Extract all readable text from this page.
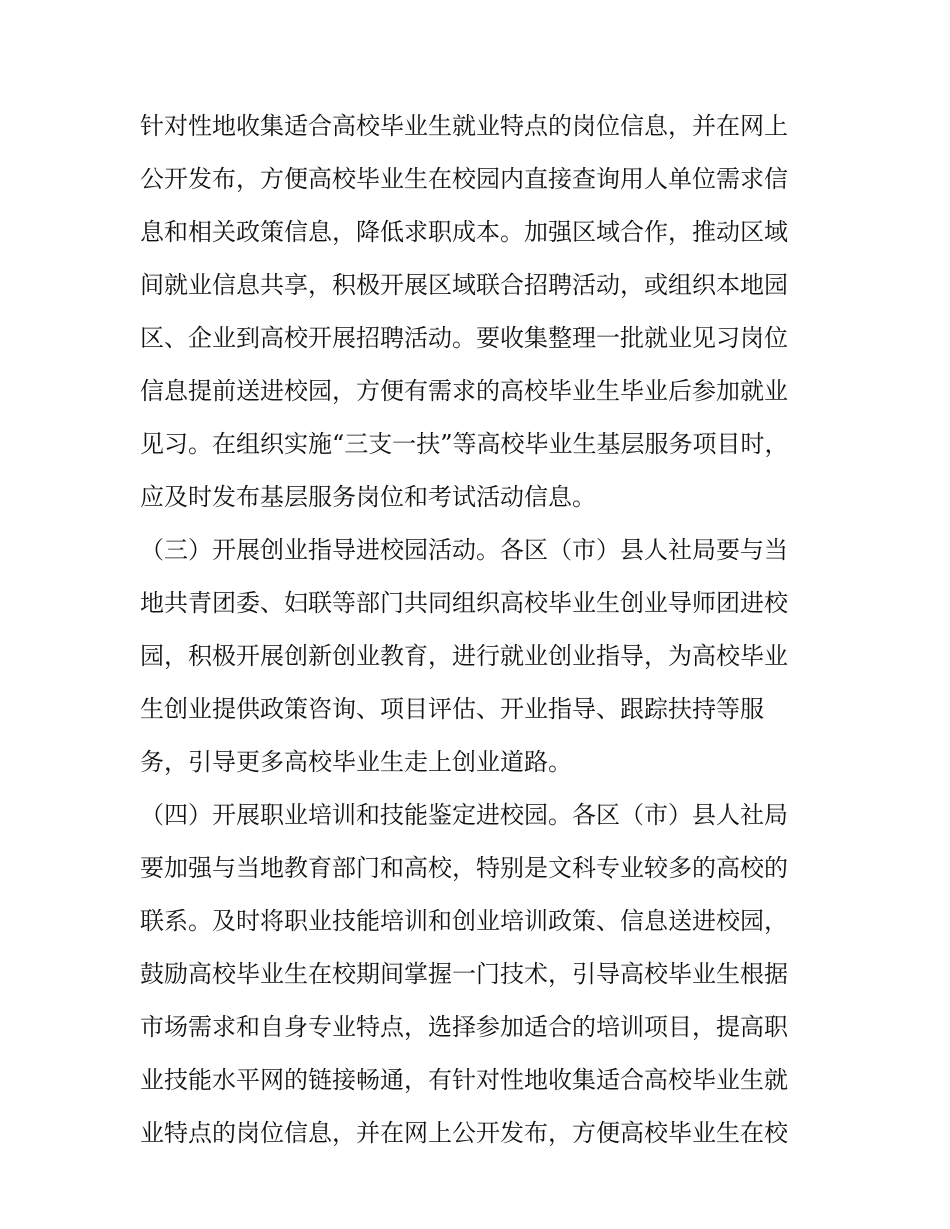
针对性地收集适合高校毕业生就业特点的岗位信息，并在网上
公开发布，方便高校毕业生在校园内直接查询用人单位需求信
息和相关政策信息，降低求职成本。加强区域合作，推动区域
间就业信息共享，积极开展区域联合招聘活动，或组织本地园
区、企业到高校开展招聘活动。要收集整理一批就业见习岗位
信息提前送进校园，方便有需求的高校毕业生毕业后参加就业
见习。在组织实施“三支一扶”等高校毕业生基层服务项目时，
应及时发布基层服务岗位和考试活动信息。
（三）开展创业指导进校园活动。各区（市）县人社局要与当
地共青团委、妇联等部门共同组织高校毕业生创业导师团进校
园，积极开展创新创业教育，进行就业创业指导，为高校毕业
生创业提供政策咨询、项目评估、开业指导、跟踪扶持等服
务，引导更多高校毕业生走上创业道路。
（四）开展职业培训和技能鉴定进校园。各区（市）县人社局
要加强与当地教育部门和高校，特别是文科专业较多的高校的
联系。及时将职业技能培训和创业培训政策、信息送进校园，
鼓励高校毕业生在校期间掌握一门技术，引导高校毕业生根据
市场需求和自身专业特点，选择参加适合的培训项目，提高职
业技能水平网的链接畅通，有针对性地收集适合高校毕业生就
业特点的岗位信息，并在网上公开发布，方便高校毕业生在校
